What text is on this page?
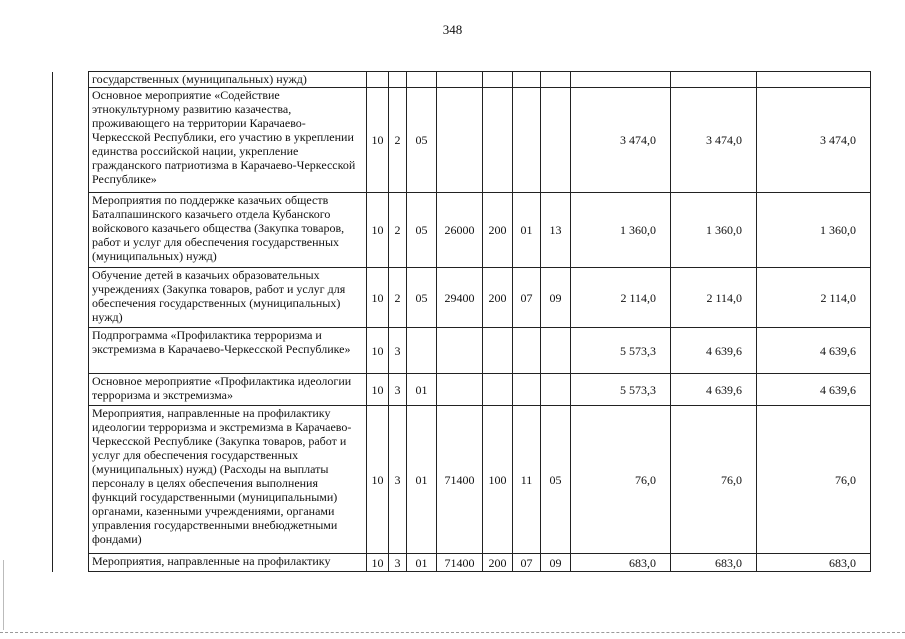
348
	государственных (муниципальных) нужд)										
	Основное мероприятие «Содействие этнокультурному развитию казачества, проживающего на территории Карачаево-Черкесской Республики, его участию в укреплении единства российской нации, укрепление гражданского патриотизма в Карачаево-Черкесской Республике»	10	2	05					3 474,0	3 474,0	3 474,0
	Мероприятия по поддержке казачьих обществ Баталпашинского казачьего отдела Кубанского войскового казачьего общества (Закупка товаров, работ и услуг для обеспечения государственных (муниципальных) нужд)	10	2	05	26000	200	01	13	1 360,0	1 360,0	1 360,0
	Обучение детей в казачьих образовательных учреждениях (Закупка товаров, работ и услуг для обеспечения государственных (муниципальных) нужд)	10	2	05	29400	200	07	09	2 114,0	2 114,0	2 114,0
	Подпрограмма «Профилактика терроризма и экстремизма в Карачаево-Черкесской Республике»	10	3						5 573,3	4 639,6	4 639,6
	Основное мероприятие «Профилактика идеологии терроризма и экстремизма»	10	3	01					5 573,3	4 639,6	4 639,6
	Мероприятия, направленные на профилактику идеологии терроризма и экстремизма в Карачаево-Черкесской Республике (Закупка товаров, работ и услуг для обеспечения государственных (муниципальных) нужд) (Расходы на выплаты персоналу в целях обеспечения выполнения функций государственными (муниципальными) органами, казенными учреждениями, органами управления государственными внебюджетными фондами)	10	3	01	71400	100	11	05	76,0	76,0	76,0
	Мероприятия, направленные на профилактику	10	3	01	71400	200	07	09	683,0	683,0	683,0
